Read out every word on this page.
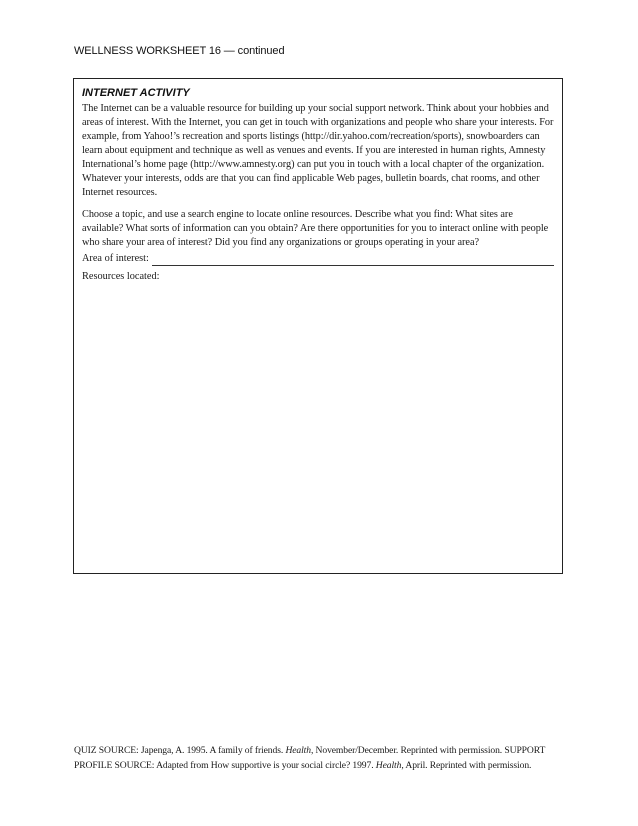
WELLNESS WORKSHEET 16 — continued
INTERNET ACTIVITY

The Internet can be a valuable resource for building up your social support network. Think about your hobbies and areas of interest. With the Internet, you can get in touch with organizations and people who share your interests. For example, from Yahoo!’s recreation and sports listings (http://dir.yahoo.com/recreation/sports), snowboarders can learn about equipment and technique as well as venues and events. If you are interested in human rights, Amnesty International’s home page (http://www.amnesty.org) can put you in touch with a local chapter of the organization. Whatever your interests, odds are that you can find applicable Web pages, bulletin boards, chat rooms, and other Internet resources.

Choose a topic, and use a search engine to locate online resources. Describe what you find: What sites are available? What sorts of information can you obtain? Are there opportunities for you to interact online with people who share your area of interest? Did you find any organizations or groups operating in your area?

Area of interest:
Resources located:
QUIZ SOURCE: Japenga, A. 1995. A family of friends. Health, November/December. Reprinted with permission. SUPPORT PROFILE SOURCE: Adapted from How supportive is your social circle? 1997. Health, April. Reprinted with permission.
